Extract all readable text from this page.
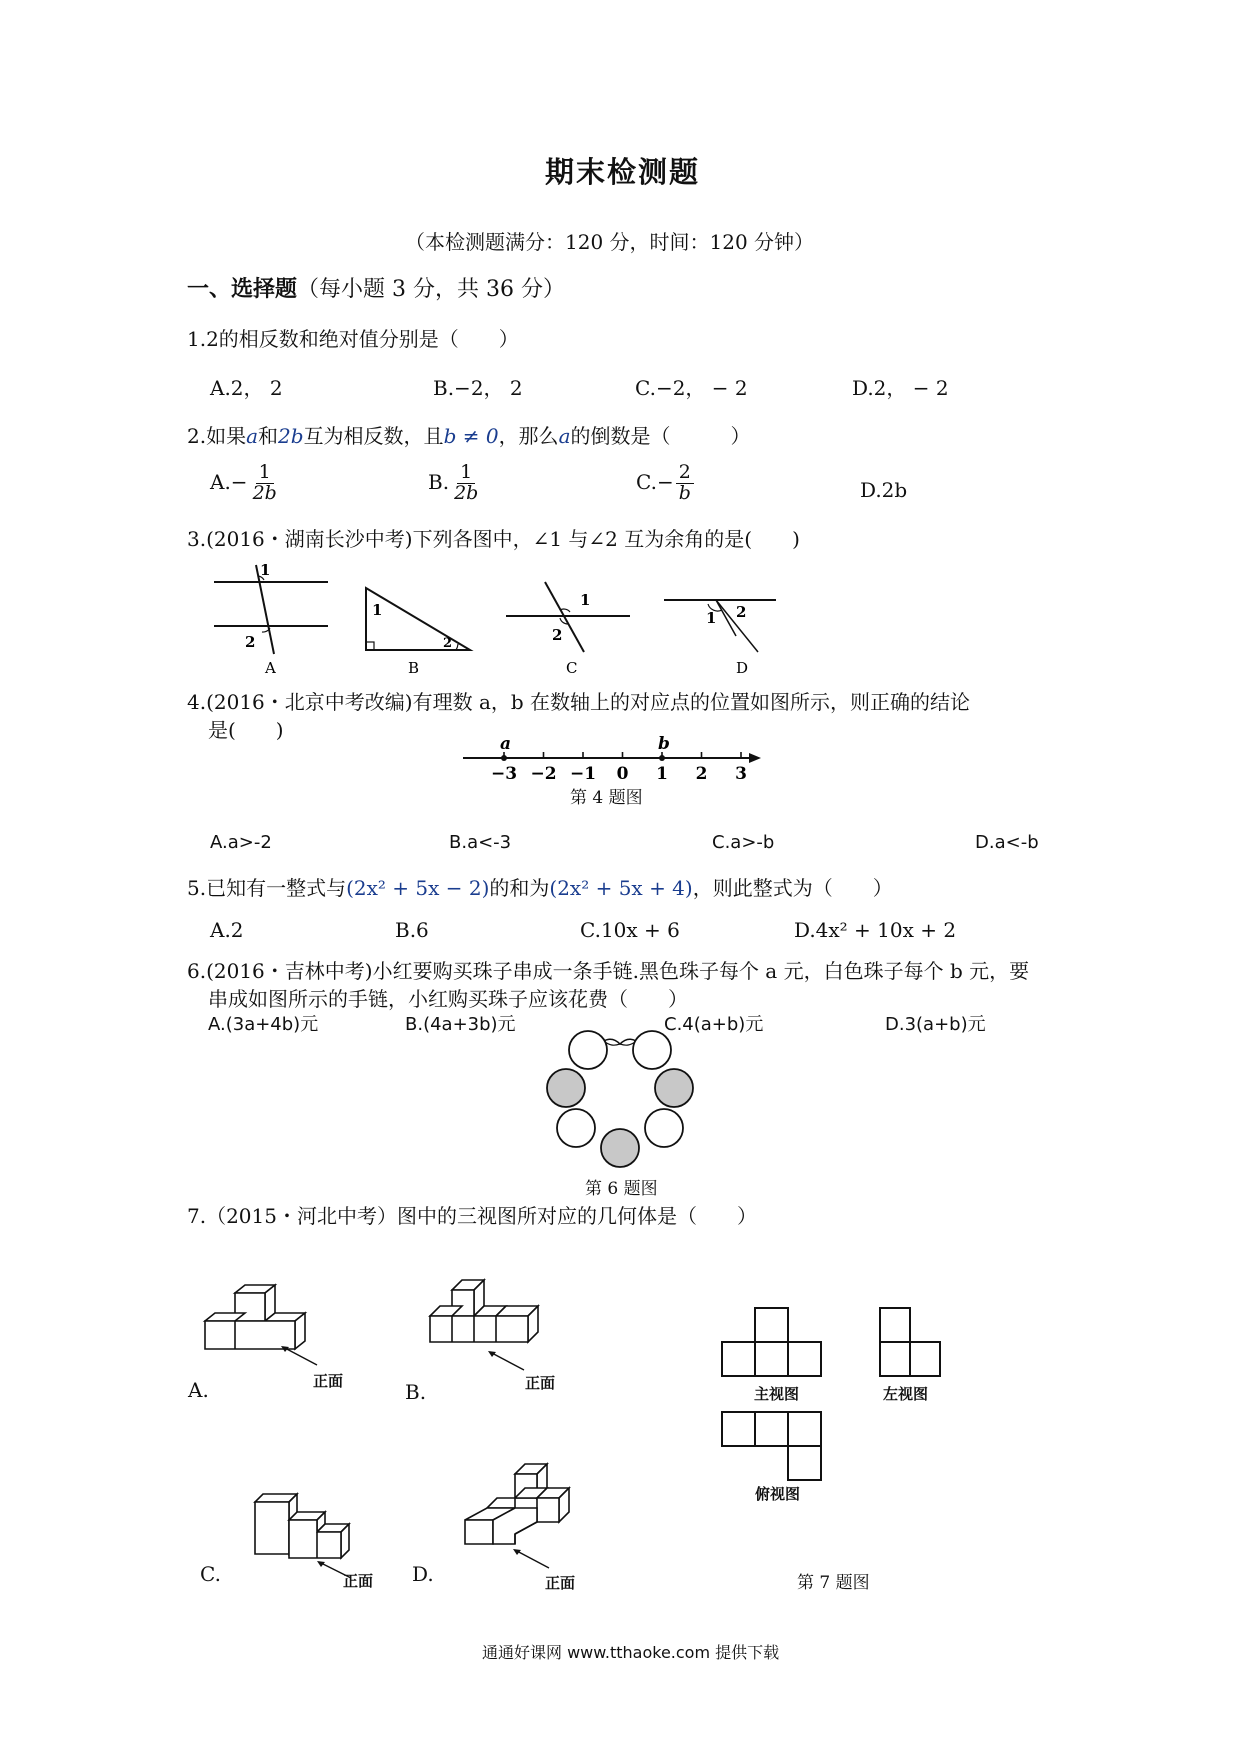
期末检测题
（本检测题满分：120 分，时间：120 分钟）
一、选择题（每小题 3 分，共 36 分）
1.2的相反数和绝对值分别是（　　）
A.2， 2	B.−2， 2	C.−2， − 2	D.2， − 2
2.如果a和2b互为相反数，且b ≠ 0，那么a的倒数是（　　　）
$A.- \frac{1}{2b}$	B. $\frac{1}{2b}$	$C.- \frac{2}{b}$	D.2b
3.(2016・湖南长沙中考)下列各图中，∠1 与∠2 互为余角的是(　　)
1
2
A
1
2
B
1
2
C
1 2
D
4.(2016・北京中考改编)有理数 a，b 在数轴上的对应点的位置如图所示，则正确的结论
是(　　)
−3 −2 −1 0 1 2 3
a	b
第 4 题图
A.a>-2	B.a<-3	C.a>-b	D.a<-b
5.已知有一整式与(2x² + 5x − 2)的和为(2x² + 5x + 4)，则此整式为（　　）
A.2	B.6	C.10x + 6	D.4x² + 10x + 2
6.(2016・吉林中考)小红要购买珠子串成一条手链.黑色珠子每个 a 元，白色珠子每个 b 元，要
串成如图所示的手链，小红购买珠子应该花费（　　）
A.(3a+4b)元	B.(4a+3b)元	C.4(a+b)元	D.3(a+b)元
第 6 题图
7.（2015・河北中考）图中的三视图所对应的几何体是（　　）
A.	正面	B.	正面
C.	正面 D.	正面
主视图	左视图
俯视图
第 7 题图
通通好课网 www.tthaoke.com 提供下载
